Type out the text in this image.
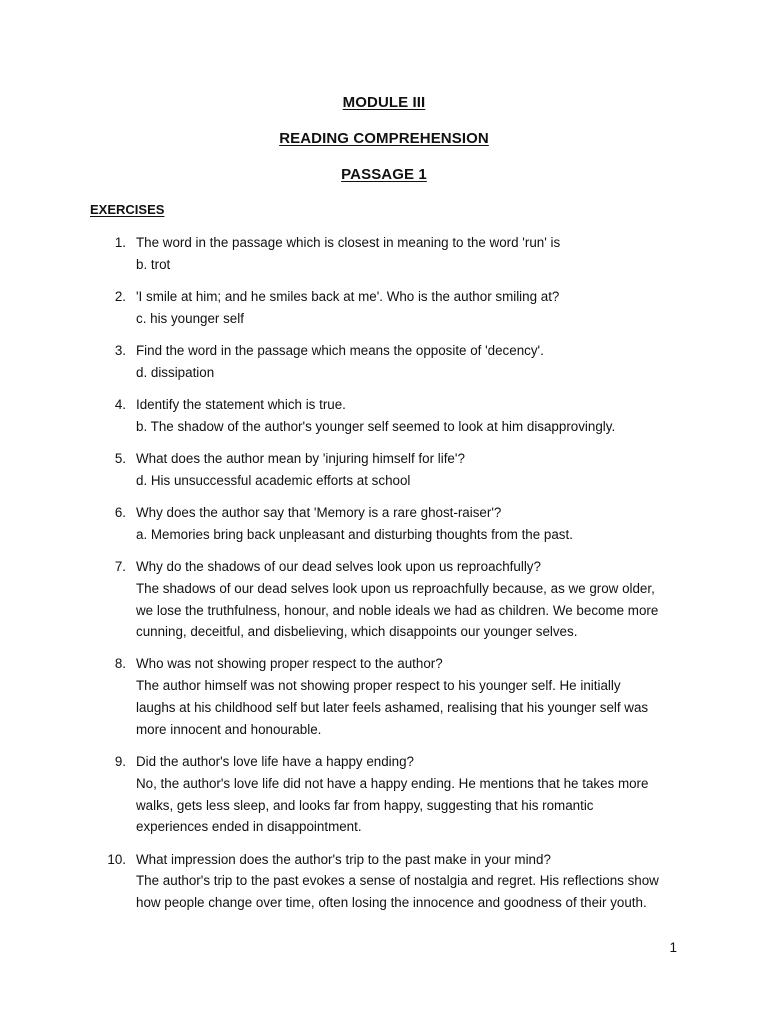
MODULE III
READING COMPREHENSION
PASSAGE 1
EXERCISES
1. The word in the passage which is closest in meaning to the word 'run' is
b. trot
2. 'I smile at him; and he smiles back at me'. Who is the author smiling at?
c. his younger self
3. Find the word in the passage which means the opposite of 'decency'.
d. dissipation
4. Identify the statement which is true.
b. The shadow of the author's younger self seemed to look at him disapprovingly.
5. What does the author mean by 'injuring himself for life'?
d. His unsuccessful academic efforts at school
6. Why does the author say that 'Memory is a rare ghost-raiser'?
a. Memories bring back unpleasant and disturbing thoughts from the past.
7. Why do the shadows of our dead selves look upon us reproachfully?
The shadows of our dead selves look upon us reproachfully because, as we grow older,
we lose the truthfulness, honour, and noble ideals we had as children. We become more
cunning, deceitful, and disbelieving, which disappoints our younger selves.
8. Who was not showing proper respect to the author?
The author himself was not showing proper respect to his younger self. He initially
laughs at his childhood self but later feels ashamed, realising that his younger self was
more innocent and honourable.
9. Did the author's love life have a happy ending?
No, the author's love life did not have a happy ending. He mentions that he takes more
walks, gets less sleep, and looks far from happy, suggesting that his romantic
experiences ended in disappointment.
10. What impression does the author's trip to the past make in your mind?
The author's trip to the past evokes a sense of nostalgia and regret. His reflections show
how people change over time, often losing the innocence and goodness of their youth.
1
